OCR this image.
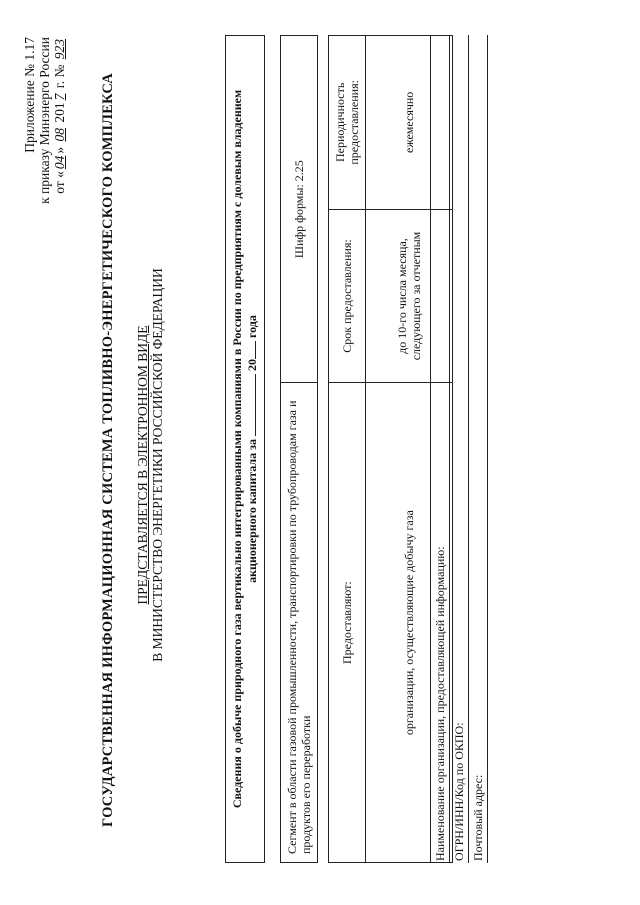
Приложение № 1.17 к приказу Минэнерго России от «04» 08 2017 г. № 923
ГОСУДАРСТВЕННАЯ ИНФОРМАЦИОННАЯ СИСТЕМА ТОПЛИВНО-ЭНЕРГЕТИЧЕСКОГО КОМПЛЕКСА ПРЕДСТАВЛЯЕТСЯ В ЭЛЕКТРОННОМ ВИДЕ В МИНИСТЕРСТВО ЭНЕРГЕТИКИ РОССИЙСКОЙ ФЕДЕРАЦИИ	Сведения о добыче природного газа вертикально интегрированными компаниями в России по предприятиям с долевым владением акционерного капитала за  20 года
Сегмент в области газовой промышленности, транспортировки по трубопроводам газа и продуктов его переработки	Шифр формы: 2.25
Предоставляют:	Срок предоставления:	Периодичность предоставления:
организации, осуществляющие добычу газа	до 10-го числа месяца, следующего за отчетным	ежемесячно
Наименование организации, предоставляющей информацию:
ОГРН/ИНН/Код по ОКПО:
Почтовый адрес:
